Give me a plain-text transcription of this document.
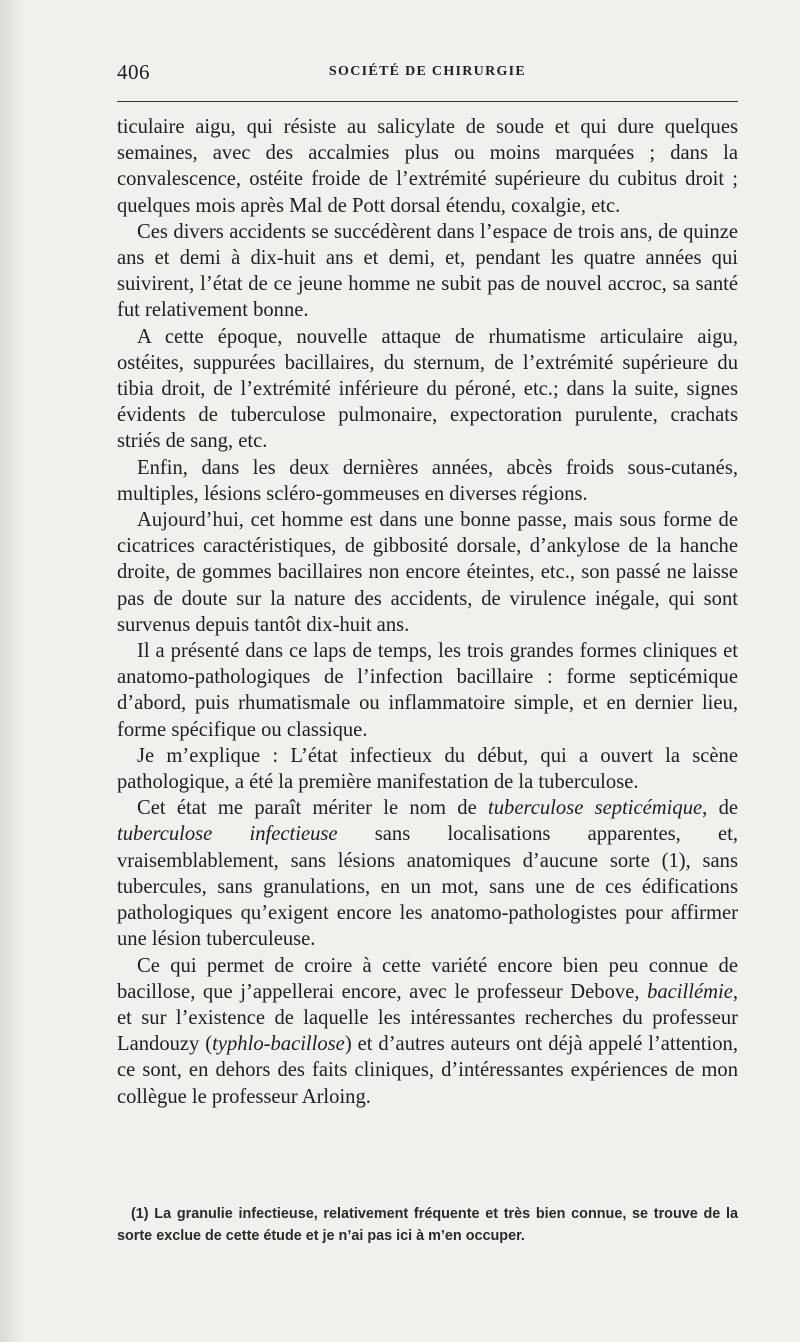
406	SOCIÉTÉ DE CHIRURGIE

ticulaire aigu, qui résiste au salicylate de soude et qui dure quelques semaines, avec des accalmies plus ou moins marquées ; dans la convalescence, ostéite froide de l’extrémité supérieure du cubitus droit ; quelques mois après Mal de Pott dorsal étendu, coxalgie, etc.

Ces divers accidents se succédèrent dans l’espace de trois ans, de quinze ans et demi à dix-huit ans et demi, et, pendant les quatre années qui suivirent, l’état de ce jeune homme ne subit pas de nouvel accroc, sa santé fut relativement bonne.

A cette époque, nouvelle attaque de rhumatisme articulaire aigu, ostéites, suppurées bacillaires, du sternum, de l’extrémité supérieure du tibia droit, de l’extrémité inférieure du péroné, etc.; dans la suite, signes évidents de tuberculose pulmonaire, expectoration purulente, crachats striés de sang, etc.

Enfin, dans les deux dernières années, abcès froids sous-cutanés, multiples, lésions scléro-gommeuses en diverses régions.

Aujourd’hui, cet homme est dans une bonne passe, mais sous forme de cicatrices caractéristiques, de gibbosité dorsale, d’ankylose de la hanche droite, de gommes bacillaires non encore éteintes, etc., son passé ne laisse pas de doute sur la nature des accidents, de virulence inégale, qui sont survenus depuis tantôt dix-huit ans.

Il a présenté dans ce laps de temps, les trois grandes formes cliniques et anatomo-pathologiques de l’infection bacillaire : forme septicémique d’abord, puis rhumatismale ou inflammatoire simple, et en dernier lieu, forme spécifique ou classique.

Je m’explique : L’état infectieux du début, qui a ouvert la scène pathologique, a été la première manifestation de la tuberculose.

Cet état me paraît mériter le nom de tuberculose septicémique, de tuberculose infectieuse sans localisations apparentes, et, vraisemblablement, sans lésions anatomiques d’aucune sorte (1), sans tubercules, sans granulations, en un mot, sans une de ces édifications pathologiques qu’exigent encore les anatomo-pathologistes pour affirmer une lésion tuberculeuse.

Ce qui permet de croire à cette variété encore bien peu connue de bacillose, que j’appellerai encore, avec le professeur Debove, bacillémie, et sur l’existence de laquelle les intéressantes recherches du professeur Landouzy (typhlo-bacillose) et d’autres auteurs ont déjà appelé l’attention, ce sont, en dehors des faits cliniques, d’intéressantes expériences de mon collègue le professeur Arloing.

(1) La granulie infectieuse, relativement fréquente et très bien connue, se trouve de la sorte exclue de cette étude et je n’ai pas ici à m’en occuper.
